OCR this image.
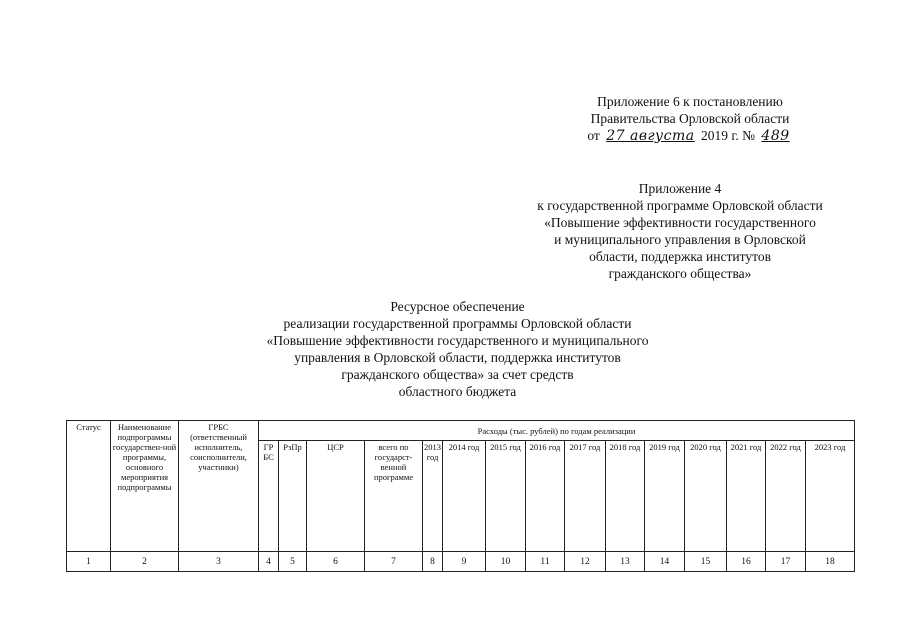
Приложение 6 к постановлению
Правительства Орловской области
от 27 августа 2019 г. № 489
Приложение 4
к государственной программе Орловской области
«Повышение эффективности государственного
и муниципального управления в Орловской
области, поддержка институтов
гражданского общества»
Ресурсное обеспечение
реализации государственной программы Орловской области
«Повышение эффективности государственного и муниципального
управления в Орловской области, поддержка институтов
гражданского общества» за счет средств
областного бюджета
Статус	Наименование подпрограммы государствен-ной программы, основного мероприятия подпрограммы	ГРБС (ответственный исполнитель, соисполнители, участники)	Расходы (тыс. рублей) по годам реализации														
			ГР БС	РзПр	ЦСР	всего по государст-венной программе	2013 год	2014 год	2015 год	2016 год	2017 год	2018 год	2019 год	2020 год	2021 год	2022 год	2023 год
1	2	3	4	5	6	7	8	9	10	11	12	13	14	15	16	17	18
